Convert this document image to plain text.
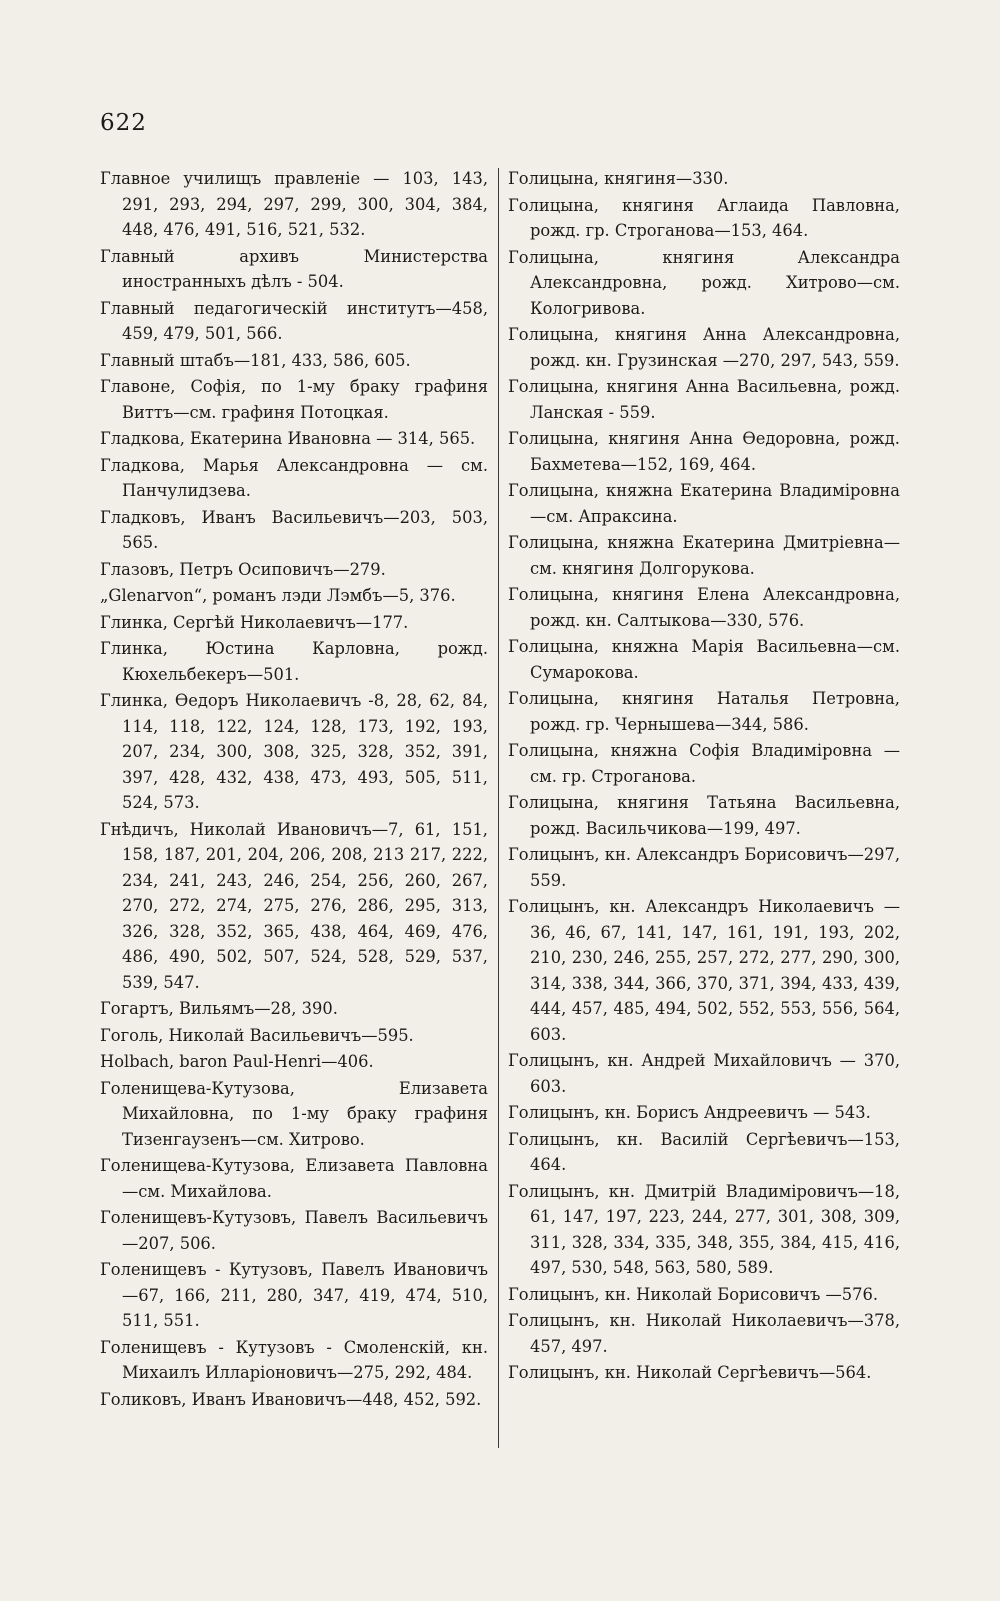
622
Главное училищъ правленіе — 103, 143, 291, 293, 294, 297, 299, 300, 304, 384, 448, 476, 491, 516, 521, 532.
Главный архивъ Министерства иностранныхъ дѣлъ - 504.
Главный педагогическій институтъ—458, 459, 479, 501, 566.
Главный штабъ—181, 433, 586, 605.
Главоне, Софія, по 1-му браку графиня Виттъ—см. графиня Потоцкая.
Гладкова, Екатерина Ивановна — 314, 565.
Гладкова, Марья Александровна — см. Панчулидзева.
Гладковъ, Иванъ Васильевичъ—203, 503, 565.
Глазовъ, Петръ Осиповичъ—279.
„Glenarvon“, романъ лэди Лэмбъ—5, 376.
Глинка, Сергѣй Николаевичъ—177.
Глинка, Юстина Карловна, рожд. Кюхельбекеръ—501.
Глинка, Өедоръ Николаевичъ -8, 28, 62, 84, 114, 118, 122, 124, 128, 173, 192, 193, 207, 234, 300, 308, 325, 328, 352, 391, 397, 428, 432, 438, 473, 493, 505, 511, 524, 573.
Гнѣдичъ, Николай Ивановичъ—7, 61, 151, 158, 187, 201, 204, 206, 208, 213 217, 222, 234, 241, 243, 246, 254, 256, 260, 267, 270, 272, 274, 275, 276, 286, 295, 313, 326, 328, 352, 365, 438, 464, 469, 476, 486, 490, 502, 507, 524, 528, 529, 537, 539, 547.
Гогартъ, Вильямъ—28, 390.
Гоголь, Николай Васильевичъ—595.
Holbach, baron Paul-Henri—406.
Голенищева-Кутузова, Елизавета Михайловна, по 1-му браку графиня Тизенгаузенъ—см. Хитрово.
Голенищева-Кутузова, Елизавета Павловна—см. Михайлова.
Голенищевъ-Кутузовъ, Павелъ Васильевичъ—207, 506.
Голенищевъ - Кутузовъ, Павелъ Ивановичъ—67, 166, 211, 280, 347, 419, 474, 510, 511, 551.
Голенищевъ - Кутузовъ - Смоленскій, кн. Михаилъ Илларіоновичъ—275, 292, 484.
Голиковъ, Иванъ Ивановичъ—448, 452, 592.
Голицына, княгиня—330.
Голицына, княгиня Аглаида Павловна, рожд. гр. Строганова—153, 464.
Голицына, княгиня Александра Александровна, рожд. Хитрово—см. Кологривова.
Голицына, княгиня Анна Александровна, рожд. кн. Грузинская —270, 297, 543, 559.
Голицына, княгиня Анна Васильевна, рожд. Ланская - 559.
Голицына, княгиня Анна Өедоровна, рожд. Бахметева—152, 169, 464.
Голицына, княжна Екатерина Владиміровна—см. Апраксина.
Голицына, княжна Екатерина Дмитріевна—см. княгиня Долгорукова.
Голицына, княгиня Елена Александровна, рожд. кн. Салтыкова—330, 576.
Голицына, княжна Марія Васильевна—см. Сумарокова.
Голицына, княгиня Наталья Петровна, рожд. гр. Чернышева—344, 586.
Голицына, княжна Софія Владиміровна — см. гр. Строганова.
Голицына, княгиня Татьяна Васильевна, рожд. Васильчикова—199, 497.
Голицынъ, кн. Александръ Борисовичъ—297, 559.
Голицынъ, кн. Александръ Николаевичъ — 36, 46, 67, 141, 147, 161, 191, 193, 202, 210, 230, 246, 255, 257, 272, 277, 290, 300, 314, 338, 344, 366, 370, 371, 394, 433, 439, 444, 457, 485, 494, 502, 552, 553, 556, 564, 603.
Голицынъ, кн. Андрей Михайловичъ — 370, 603.
Голицынъ, кн. Борисъ Андреевичъ — 543.
Голицынъ, кн. Василій Сергѣевичъ—153, 464.
Голицынъ, кн. Дмитрій Владиміровичъ—18, 61, 147, 197, 223, 244, 277, 301, 308, 309, 311, 328, 334, 335, 348, 355, 384, 415, 416, 497, 530, 548, 563, 580, 589.
Голицынъ, кн. Николай Борисовичъ —576.
Голицынъ, кн. Николай Николаевичъ—378, 457, 497.
Голицынъ, кн. Николай Сергѣевичъ—564.
